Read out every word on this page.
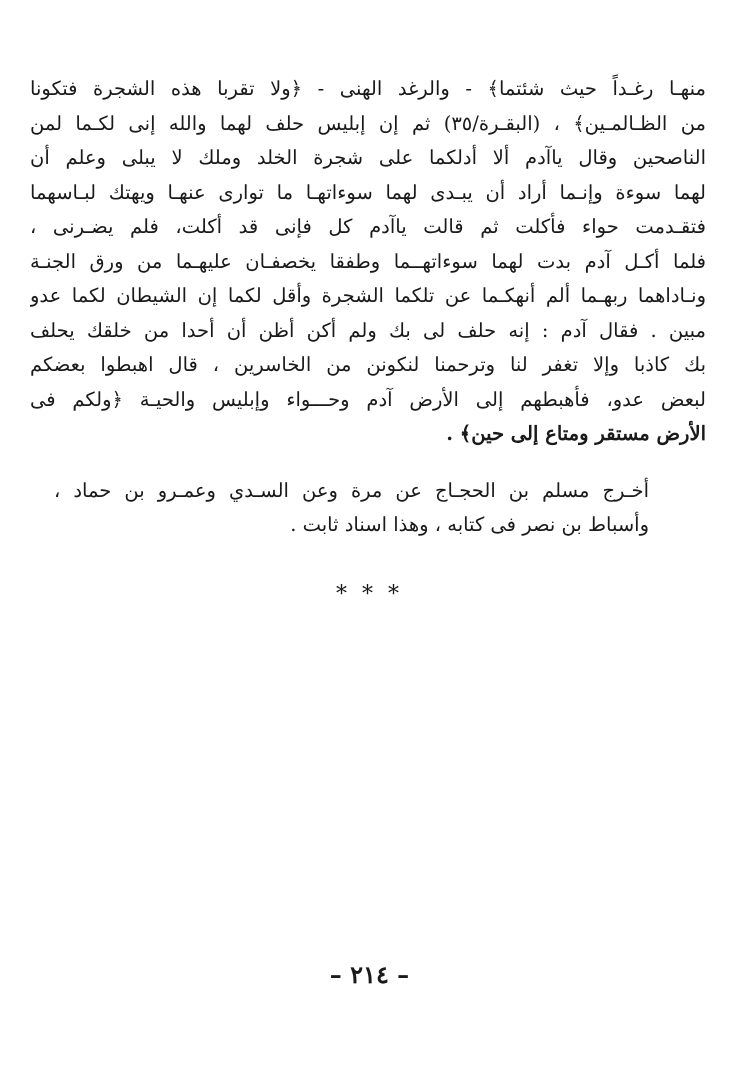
منهـا رغـداً حيث شئتما﴾ - والرغد الهنى - ﴿ولا تقربا هذه الشجرة فتكونا
من الظـالمـين﴾ ، (البقـرة/٣٥) ثم إن إبليس حلف لهما والله إنى لكـما لمن
الناصحين وقال ياآدم ألا أدلكما على شجرة الخلد وملك لا يبلى وعلم أن
لهما سوءة وإنـما أراد أن يبـدى لهما سوءاتهـا ما توارى عنهـا ويهتك لبـاسهما
فتقـدمت حواء فأكلت ثم قالت ياآدم كل فإنى قد أكلت، فلم يضـرنى ،
فلما أكـل آدم بدت لهما سوءاتهــما وطفقا يخصفـان عليهـما من ورق الجنـة
ونـاداهما ربهـما ألم أنهكـما عن تلكما الشجرة وأقل لكما إن الشيطان لكما عدو
مبين . فقال آدم : إنه حلف لى بك ولم أكن أظن أن أحدا من خلقك يحلف
بك كاذبا وإلا تغفر لنا وترحمنا لنكونن من الخاسرين ، قال اهبطوا بعضكم
لبعض عدو، فأهبطهم إلى الأرض آدم وحـــواء وإبليس والحيـة ﴿ولكم فى
الأرض مستقر ومتاع إلى حين﴾ .
أخـرج مسلم بن الحجـاج عن مرة وعن السـدي وعمـرو بن حماد ،
وأسباط بن نصر فى كتابه ، وهذا اسناد ثابت .
* * *
– ٢١٤ –
